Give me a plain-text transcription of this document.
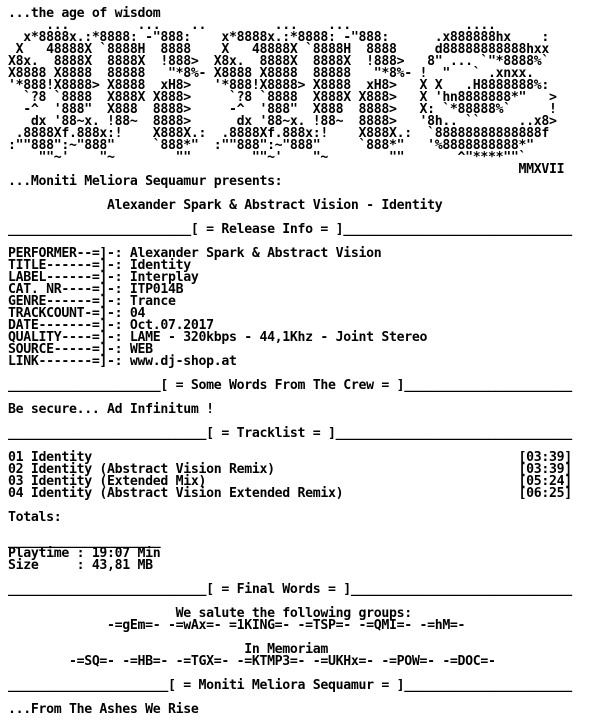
...the age of wisdom
...         ...    ..         ...    ...               ....
x*8888x.:*8888: -"888:    x*8888x.:*8888: -"888:      .x888888hx    :
X   48888X `8888H  8888    X   48888X `8888H  8888     d88888888888hxx
X8x.  8888X  8888X  !888>  X8x.  8888X  8888X  !888>   8" ... `"*8888%`
X8888 X8888  88888   "*8%- X8888 X8888  88888   "*8%- !  "   ` .xnxx.
'*888!X8888> X8888  xH8>   '*888!X8888> X8888  xH8>   X X   .H8888888%:
`?8 `8888  X888X X888>     `?8 `8888  X888X X888>   X 'hn8888888*"   >
-^  '888"  X888  8888>     -^  '888"  X888  8888>   X: `*88888%`     !
dx '88~x. !88~  8888>      dx '88~x. !88~  8888>   '8h.. ``     ..x8>
.8888Xf.888x:!    X888X.:  .8888Xf.888x:!    X888X.:  `88888888888888f
:""888":~"888"     `888*"  :""888":~"888"     `888*"   '%8888888888*"
""~'    "~        ""        ""~'    "~        ""       ^"****""`
MMXVII
...Moniti Meliora Sequamur presents:
Alexander Spark & Abstract Vision - Identity
________________________[ = Release Info = ]______________________________
PERFORMER--=]-: Alexander Spark & Abstract Vision
TITLE------=]-: Identity
LABEL------=]-: Interplay
CAT. NR----=]-: ITP014B
GENRE------=]-: Trance
TRACKCOUNT-=]-: 04
DATE-------=]-: Oct.07.2017
QUALITY----=]-: LAME - 320kbps - 44,1Khz - Joint Stereo
SOURCE-----=]-: WEB
LINK-------=]-: www.dj-shop.at
____________________[ = Some Words From The Crew = ]______________________
Be secure... Ad Infinitum !
__________________________[ = Tracklist = ]_______________________________
01 Identity                                                        [03:39]
02 Identity (Abstract Vision Remix)                                [03:39]
03 Identity (Extended Mix)                                         [05:24]
04 Identity (Abstract Vision Extended Remix)                       [06:25]
Totals:
____________________
Playtime : 19:07 Min
Size     : 43,81 MB
__________________________[ = Final Words = ]_____________________________
We salute the following groups:
-=gEm=- -=wAx=- =1KING=- -=TSP=- -=QMI=- -=hM=-
In Memoriam
-=SQ=- -=HB=- -=TGX=- -=KTMP3=- -=UKHx=- -=POW=- -=DOC=-
_____________________[ = Moniti Meliora Sequamur = ]______________________
...From The Ashes We Rise
